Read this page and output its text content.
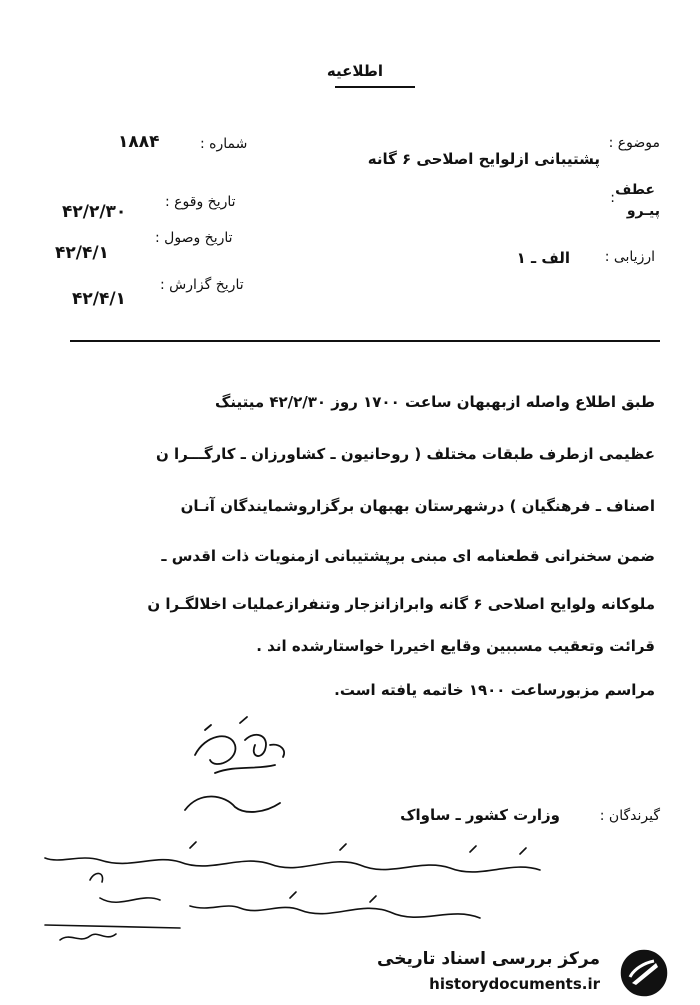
اطلاعیه
موضوع :
پشتیبانی ازلوایح اصلاحی ۶ گانه
عطف
پیـرو
:
ارزیابی :
الف ـ ۱
شماره :
۱۸۸۴
تاریخ وقوع :
۴۲/۲/۳۰
تاریخ وصول :
۴۲/۴/۱
تاریخ گزارش :
۴۲/۴/۱
طبق اطلاع واصله ازبهبهان ساعت ۱۷۰۰ روز ۴۲/۲/۳۰ میتینگ
عظیمی ازطرف طبقات مختلف ( روحانیون ـ کشاورزان ـ کارگـــرا ن
اصناف ـ فرهنگیان ) درشهرستان بهبهان برگزاروشمایندگان آنـان
ضمن سخنرانی قطعنامه ای مبنی برپشتیبانی ازمنویات ذات اقدس ـ
ملوکانه ولوایح اصلاحی ۶ گانه وابرازانزجار وتنفرازعملیات اخلالگـرا ن
قرائت وتعقیب مسببین وقایع اخیررا خواستارشده اند .
مراسم مزبورساعت ۱۹۰۰ خاتمه یافته است.
گیرندگان :
وزارت کشور ـ ساواک
مرکز بررسی اسناد تاریخی
historydocuments.ir
